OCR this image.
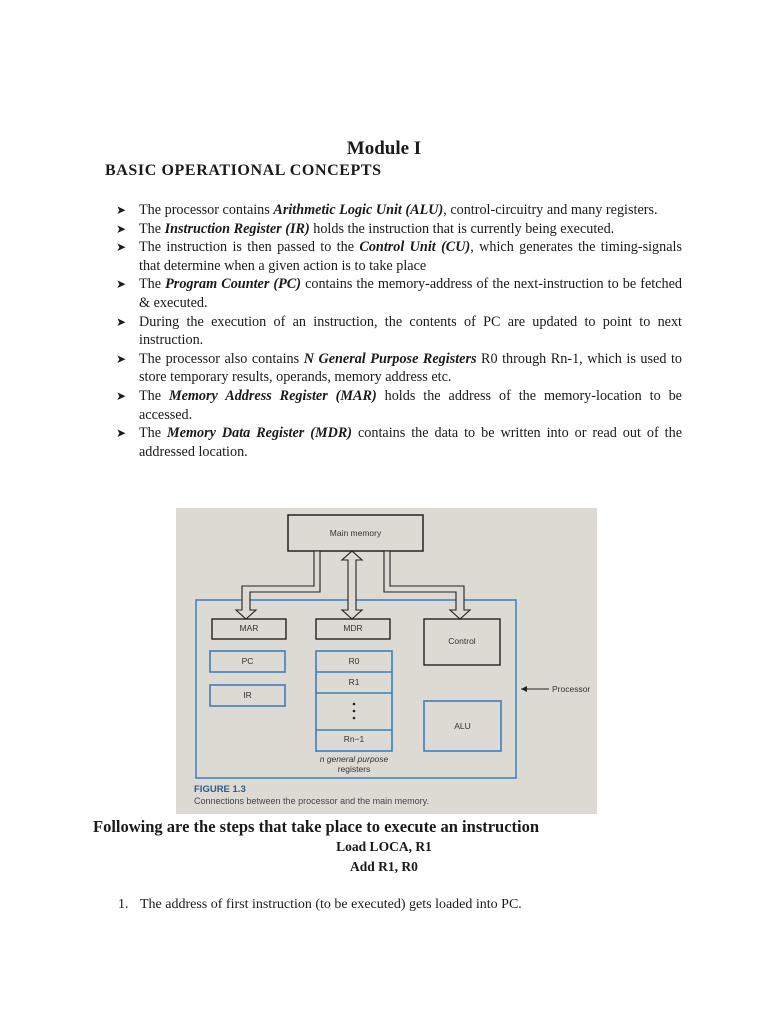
Module I
BASIC OPERATIONAL CONCEPTS
➤ The processor contains Arithmetic Logic Unit (ALU), control-circuitry and many registers.
➤ The Instruction Register (IR) holds the instruction that is currently being executed.
➤ The instruction is then passed to the Control Unit (CU), which generates the timing-signals that determine when a given action is to take place
➤ The Program Counter (PC) contains the memory-address of the next-instruction to be fetched & executed.
➤ During the execution of an instruction, the contents of PC are updated to point to next instruction.
➤ The processor also contains N General Purpose Registers R0 through Rn-1, which is used to store temporary results, operands, memory address etc.
➤ The Memory Address Register (MAR) holds the address of the memory-location to be accessed.
➤ The Memory Data Register (MDR) contains the data to be written into or read out of the addressed location.
Main memory
MAR	MDR
Control
PC
IR
R0
R1
Rn−1
n general purpose
registers
ALU
Processor
FIGURE 1.3
Connections between the processor and the main memory.
Following are the steps that take place to execute an instruction
Load LOCA, R1
Add R1, R0
1. The address of first instruction (to be executed) gets loaded into PC.
